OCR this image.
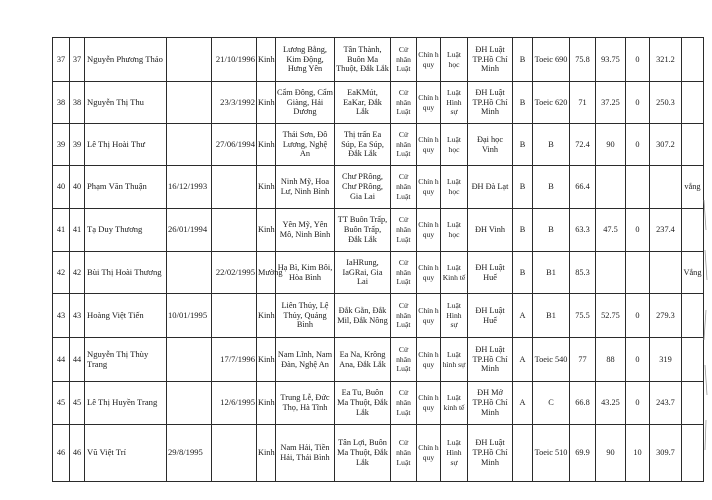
37	37	Nguyễn Phương Thảo		21/10/1996	Kinh	Lương Bằng, Kim Động, Hưng Yên	Tân Thành, Buôn Ma Thuột, Đắk Lắk	Cử nhân Luật	Chín h quy	Luật học	ĐH Luật TP.Hồ Chí Minh	B	Toeic 690	75.8	93.75	0	321.2	
38	38	Nguyễn Thị Thu		23/3/1992	Kinh	Cẩm Đông, Cẩm Giàng, Hải Dương	EaKMút, EaKar, Đắk Lắk	Cử nhân Luật	Chín h quy	Luật Hình sự	ĐH Luật TP.Hồ Chí Minh	B	Toeic 620	71	37.25	0	250.3	
39	39	Lê Thị Hoài Thư		27/06/1994	Kinh	Thái Sơn, Đô Lương, Nghệ An	Thị trấn Ea Súp, Ea Súp, Đắk Lắk	Cử nhân Luật	Chín h quy	Luật học	Đại học Vinh	B	B	72.4	90	0	307.2	
40	40	Phạm Văn Thuận	16/12/1993		Kinh	Ninh Mỹ, Hoa Lư, Ninh Bình	Chư PRông, Chư PRông, Gia Lai	Cử nhân Luật	Chín h quy	Luật học	ĐH Đà Lạt	B	B	66.4				vắng
41	41	Tạ Duy Thương	26/01/1994		Kinh	Yên Mỹ, Yên Mô, Ninh Bình	TT Buôn Trấp, Buôn Trấp, Đắk Lắk	Cử nhân Luật	Chín h quy	Luật học	ĐH Vinh	B	B	63.3	47.5	0	237.4	
42	42	Bùi Thị Hoài Thương		22/02/1995	Mường	Hạ Bì, Kim Bôi, Hòa Bình	IaHRung, IaGRai, Gia Lai	Cử nhân Luật	Chín h quy	Luật Kinh tế	ĐH Luật Huế	B	B1	85.3				Vắng
43	43	Hoàng Việt Tiến	10/01/1995		Kinh	Liên Thủy, Lệ Thủy, Quảng Bình	Đắk Gằn, Đắk Mil, Đắk Nông	Cử nhân Luật	Chín h quy	Luật Hình sự	ĐH Luật Huế	A	B1	75.5	52.75	0	279.3	
44	44	Nguyễn Thị Thùy Trang		17/7/1996	Kinh	Nam Lĩnh, Nam Đàn, Nghệ An	Ea Na, Krông Ana, Đắk Lắk	Cử nhân Luật	Chín h quy	Luật hình sự	ĐH Luật TP.Hồ Chí Minh	A	Toeic 540	77	88	0	319	
45	45	Lê Thị Huyền Trang		12/6/1995	Kinh	Trung Lễ, Đức Thọ, Hà Tĩnh	Ea Tu, Buôn Ma Thuột, Đắk Lắk	Cử nhân Luật	Chín h quy	Luật kinh tế	ĐH Mở TP.Hồ Chí Minh	A	C	66.8	43.25	0	243.7	
46	46	Vũ Việt Trí	29/8/1995		Kinh	Nam Hải, Tiền Hải, Thái Bình	Tân Lợi, Buôn Ma Thuột, Đắk Lắk	Cử nhân Luật	Chín h quy	Luật Hình sự	ĐH Luật TP.Hồ Chí Minh		Toeic 510	69.9	90	10	309.7	
